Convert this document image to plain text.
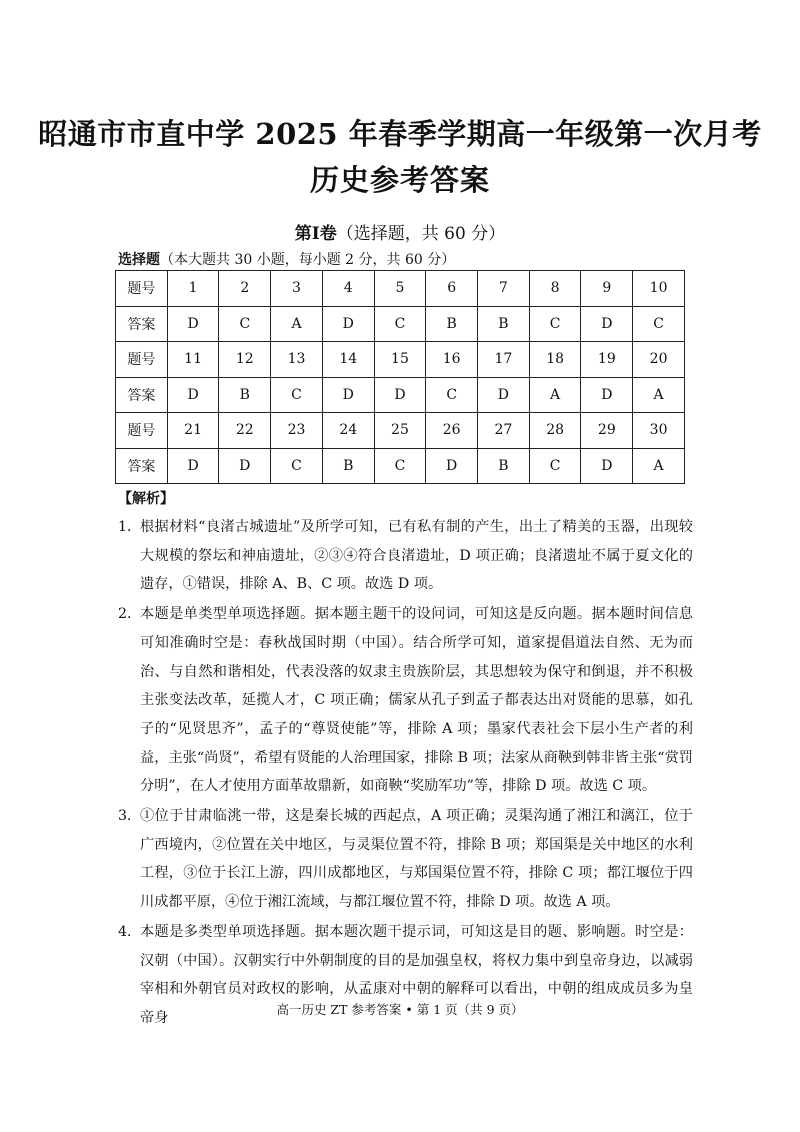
昭通市市直中学 2025 年春季学期高一年级第一次月考
历史参考答案
第Ⅰ卷（选择题，共 60 分）
选择题（本大题共 30 小题，每小题 2 分，共 60 分）
题号	1	2	3	4	5	6	7	8	9	10
答案	D	C	A	D	C	B	B	C	D	C
题号	11	12	13	14	15	16	17	18	19	20
答案	D	B	C	D	D	C	D	A	D	A
题号	21	22	23	24	25	26	27	28	29	30
答案	D	D	C	B	C	D	B	C	D	A
【解析】
1．
根据材料“良渚古城遗址”及所学可知，已有私有制的产生，出土了精美的玉器，出现较大规模的祭坛和神庙遗址，②③④符合良渚遗址，D 项正确；良渚遗址不属于夏文化的遗存，①错误，排除 A、B、C 项。故选 D 项。
2．
本题是单类型单项选择题。据本题主题干的设问词，可知这是反向题。据本题时间信息可知准确时空是：春秋战国时期（中国）。结合所学可知，道家提倡道法自然、无为而治、与自然和谐相处，代表没落的奴隶主贵族阶层，其思想较为保守和倒退，并不积极主张变法改革，延揽人才，C 项正确；儒家从孔子到孟子都表达出对贤能的思慕，如孔子的“见贤思齐”，孟子的“尊贤使能”等，排除 A 项；墨家代表社会下层小生产者的利益，主张“尚贤”，希望有贤能的人治理国家，排除 B 项；法家从商鞅到韩非皆主张“赏罚分明”，在人才使用方面革故鼎新，如商鞅“奖励军功”等，排除 D 项。故选 C 项。
3．
①位于甘肃临洮一带，这是秦长城的西起点，A 项正确；灵渠沟通了湘江和漓江，位于广西境内，②位置在关中地区，与灵渠位置不符，排除 B 项；郑国渠是关中地区的水利工程，③位于长江上游，四川成都地区，与郑国渠位置不符，排除 C 项；都江堰位于四川成都平原，④位于湘江流域，与都江堰位置不符，排除 D 项。故选 A 项。
4．
本题是多类型单项选择题。据本题次题干提示词，可知这是目的题、影响题。时空是：汉朝（中国）。汉朝实行中外朝制度的目的是加强皇权，将权力集中到皇帝身边，以减弱宰相和外朝官员对政权的影响，从孟康对中朝的解释可以看出，中朝的组成成员多为皇帝身
高一历史 ZT 参考答案 • 第 1 页（共 9 页）
